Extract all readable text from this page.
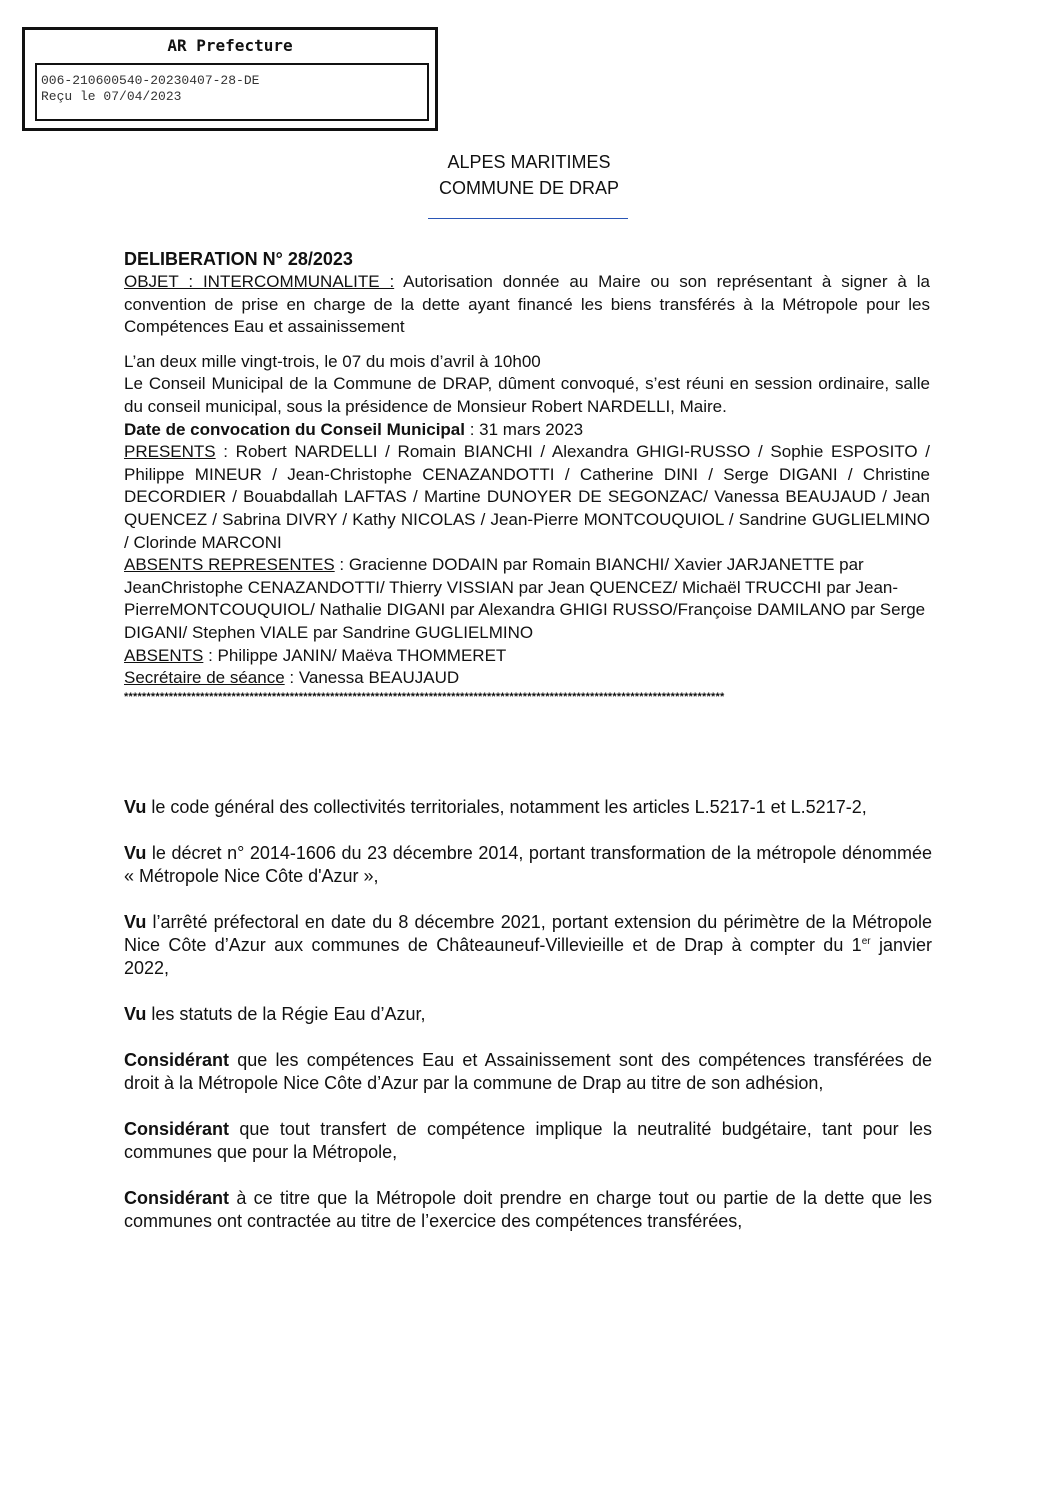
AR Prefecture
006-210600540-20230407-28-DE
Reçu le 07/04/2023
ALPES MARITIMES
COMMUNE DE DRAP

DELIBERATION N° 28/2023

OBJET : INTERCOMMUNALITE : Autorisation donnée au Maire ou son représentant à signer à la convention de prise en charge de la dette ayant financé les biens transférés à la Métropole pour les Compétences Eau et assainissement

L’an deux mille vingt-trois, le 07 du mois d’avril à 10h00

Le Conseil Municipal de la Commune de DRAP, dûment convoqué, s’est réuni en session ordinaire, salle du conseil municipal, sous la présidence de Monsieur Robert NARDELLI, Maire.

Date de convocation du Conseil Municipal : 31 mars 2023

PRESENTS : Robert NARDELLI / Romain BIANCHI / Alexandra GHIGI-RUSSO / Sophie ESPOSITO / Philippe MINEUR / Jean-Christophe CENAZANDOTTI / Catherine DINI / Serge DIGANI / Christine DECORDIER / Bouabdallah LAFTAS / Martine DUNOYER DE SEGONZAC/ Vanessa BEAUJAUD / Jean QUENCEZ / Sabrina DIVRY / Kathy NICOLAS / Jean-Pierre MONTCOUQUIOL / Sandrine GUGLIELMINO / Clorinde MARCONI

ABSENTS REPRESENTES : Gracienne DODAIN par Romain BIANCHI/ Xavier JARJANETTE par JeanChristophe CENAZANDOTTI/ Thierry VISSIAN par Jean QUENCEZ/ Michaël TRUCCHI par Jean-PierreMONTCOUQUIOL/ Nathalie DIGANI par Alexandra GHIGI RUSSO/Françoise DAMILANO par Serge DIGANI/ Stephen VIALE par Sandrine GUGLIELMINO

ABSENTS : Philippe JANIN/ Maëva THOMMERET

Secrétaire de séance : Vanessa BEAUJAUD

**************************************************************************************************************************************

Vu le code général des collectivités territoriales, notamment les articles L.5217-1 et L.5217-2,

Vu le décret n° 2014-1606 du 23 décembre 2014, portant transformation de la métropole dénommée « Métropole Nice Côte d'Azur »,

Vu l’arrêté préfectoral en date du 8 décembre 2021, portant extension du périmètre de la Métropole Nice Côte d’Azur aux communes de Châteauneuf-Villevieille et de Drap à compter du 1er janvier 2022,

Vu les statuts de la Régie Eau d’Azur,

Considérant que les compétences Eau et Assainissement sont des compétences transférées de droit à la Métropole Nice Côte d’Azur par la commune de Drap au titre de son adhésion,

Considérant que tout transfert de compétence implique la neutralité budgétaire, tant pour les communes que pour la Métropole,

Considérant à ce titre que la Métropole doit prendre en charge tout ou partie de la dette que les communes ont contractée au titre de l’exercice des compétences transférées,
